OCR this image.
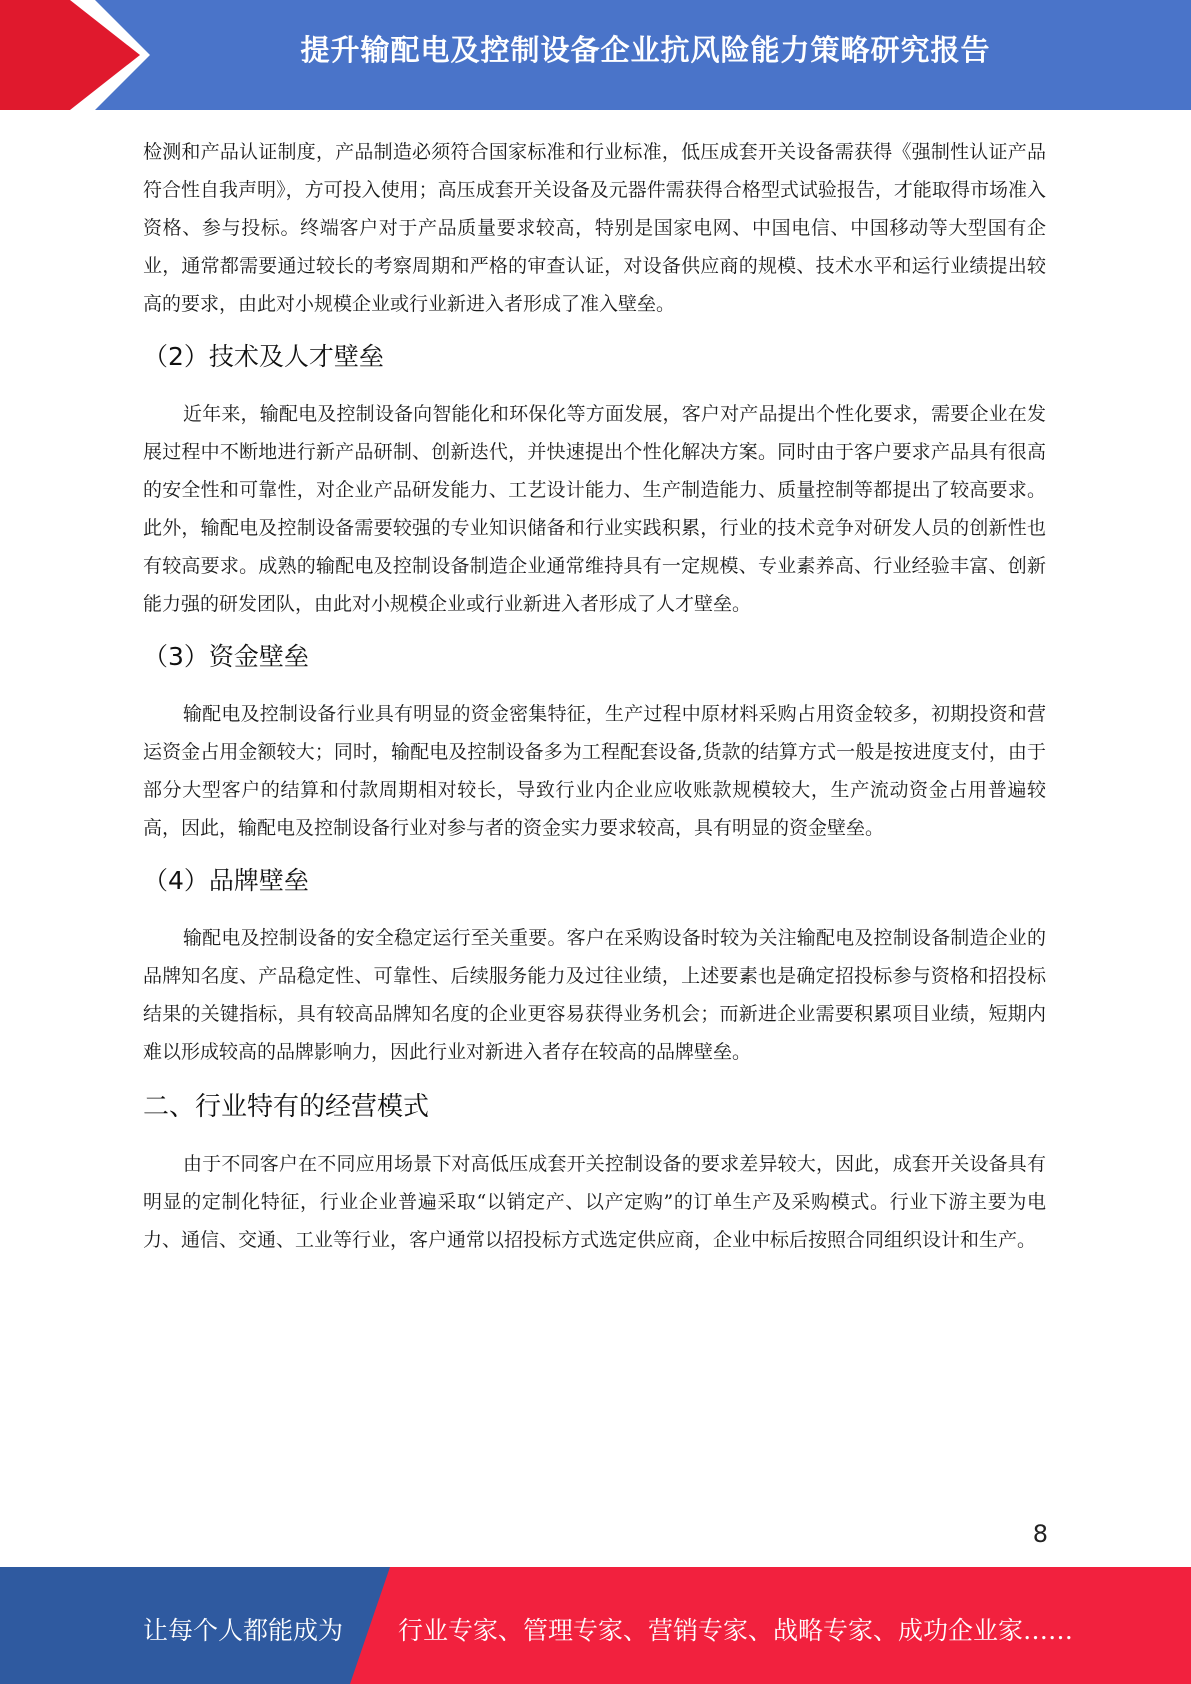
提升输配电及控制设备企业抗风险能力策略研究报告

检测和产品认证制度，产品制造必须符合国家标准和行业标准，低压成套开关设备需获得《强制性认证产品符合性自我声明》，方可投入使用；高压成套开关设备及元器件需获得合格型式试验报告，才能取得市场准入资格、参与投标。终端客户对于产品质量要求较高，特别是国家电网、中国电信、中国移动等大型国有企业，通常都需要通过较长的考察周期和严格的审查认证，对设备供应商的规模、技术水平和运行业绩提出较高的要求，由此对小规模企业或行业新进入者形成了准入壁垒。

（2）技术及人才壁垒

近年来，输配电及控制设备向智能化和环保化等方面发展，客户对产品提出个性化要求，需要企业在发展过程中不断地进行新产品研制、创新迭代，并快速提出个性化解决方案。同时由于客户要求产品具有很高的安全性和可靠性，对企业产品研发能力、工艺设计能力、生产制造能力、质量控制等都提出了较高要求。此外，输配电及控制设备需要较强的专业知识储备和行业实践积累，行业的技术竞争对研发人员的创新性也有较高要求。成熟的输配电及控制设备制造企业通常维持具有一定规模、专业素养高、行业经验丰富、创新能力强的研发团队，由此对小规模企业或行业新进入者形成了人才壁垒。

（3）资金壁垒

输配电及控制设备行业具有明显的资金密集特征，生产过程中原材料采购占用资金较多，初期投资和营运资金占用金额较大；同时，输配电及控制设备多为工程配套设备,货款的结算方式一般是按进度支付，由于部分大型客户的结算和付款周期相对较长，导致行业内企业应收账款规模较大，生产流动资金占用普遍较高，因此，输配电及控制设备行业对参与者的资金实力要求较高，具有明显的资金壁垒。

（4）品牌壁垒

输配电及控制设备的安全稳定运行至关重要。客户在采购设备时较为关注输配电及控制设备制造企业的品牌知名度、产品稳定性、可靠性、后续服务能力及过往业绩，上述要素也是确定招投标参与资格和招投标结果的关键指标，具有较高品牌知名度的企业更容易获得业务机会；而新进企业需要积累项目业绩，短期内难以形成较高的品牌影响力，因此行业对新进入者存在较高的品牌壁垒。

二、行业特有的经营模式

由于不同客户在不同应用场景下对高低压成套开关控制设备的要求差异较大，因此，成套开关设备具有明显的定制化特征，行业企业普遍采取“以销定产、以产定购”的订单生产及采购模式。行业下游主要为电力、通信、交通、工业等行业，客户通常以招投标方式选定供应商，企业中标后按照合同组织设计和生产。

8
让每个人都能成为 行业专家、管理专家、营销专家、战略专家、成功企业家……
